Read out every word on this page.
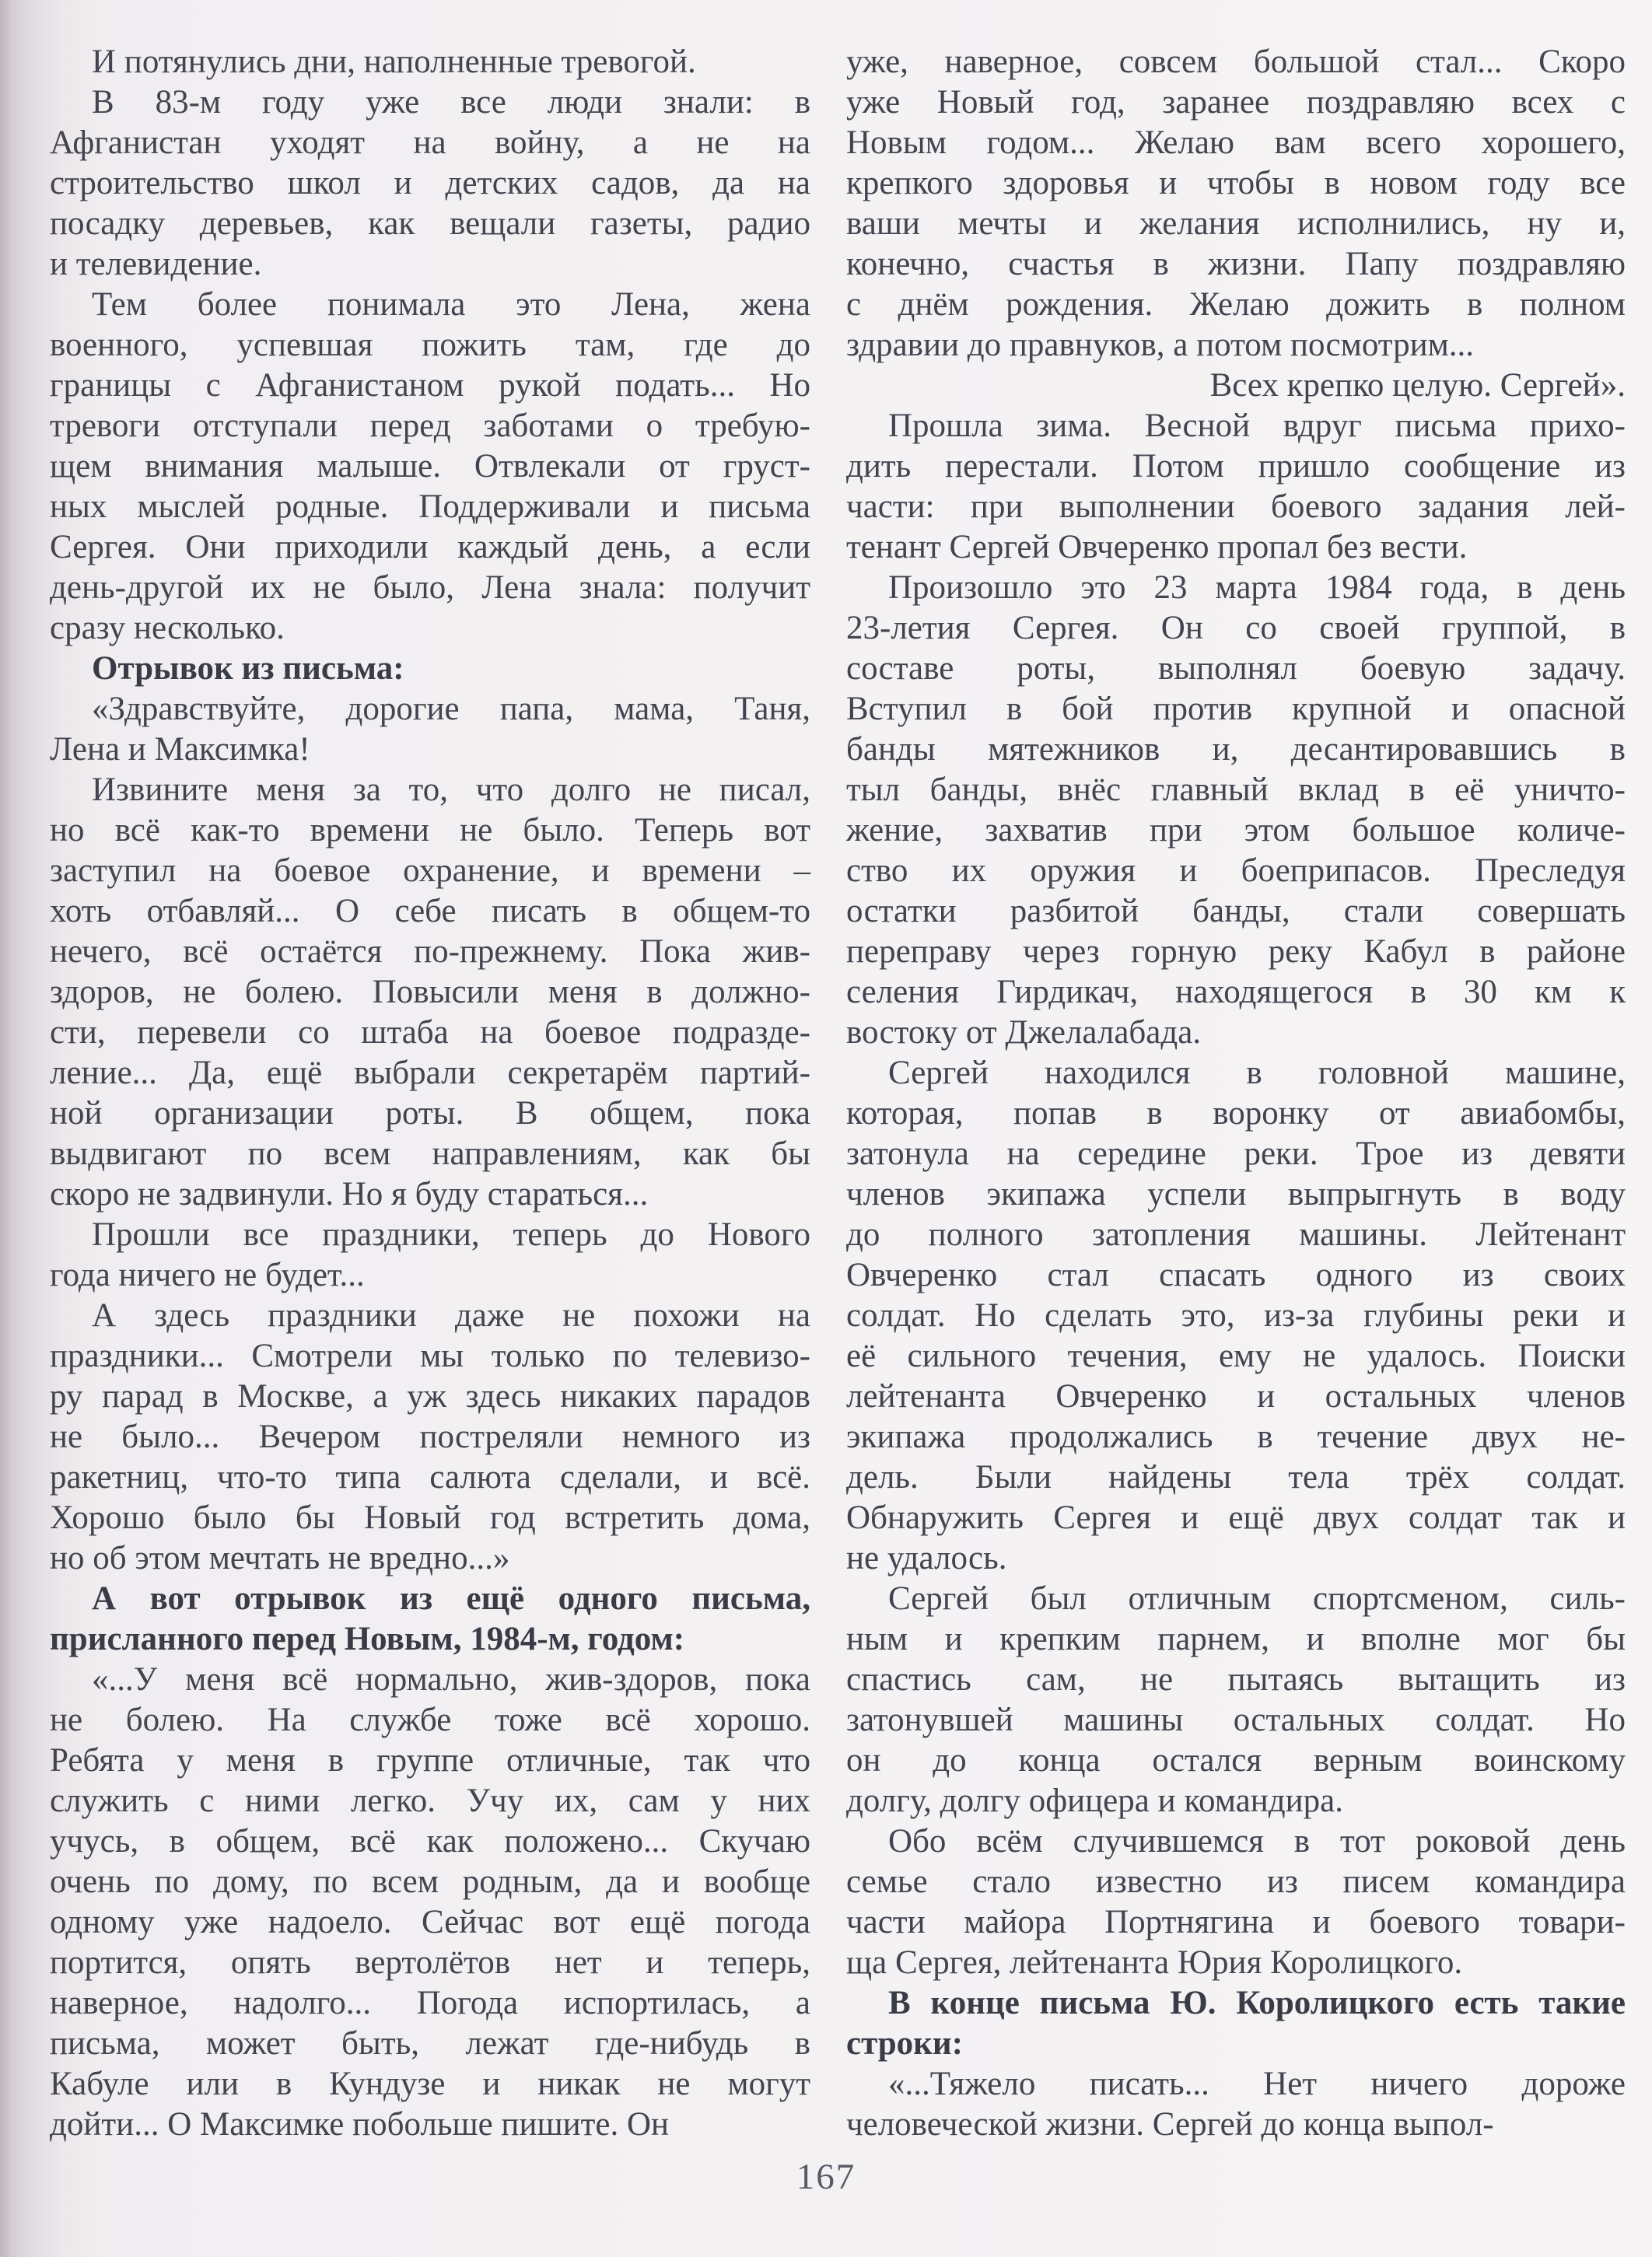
И потянулись дни, наполненные тревогой.
В 83-м году уже все люди знали: в
Афганистан уходят на войну, а не на
строительство школ и детских садов, да на
посадку деревьев, как вещали газеты, радио
и телевидение.
Тем более понимала это Лена, жена
военного, успевшая пожить там, где до
границы с Афганистаном рукой подать... Но
тревоги отступали перед заботами о требую-
щем внимания малыше. Отвлекали от груст-
ных мыслей родные. Поддерживали и письма
Сергея. Они приходили каждый день, а если
день-другой их не было, Лена знала: получит
сразу несколько.
Отрывок из письма:
«Здравствуйте, дорогие папа, мама, Таня,
Лена и Максимка!
Извините меня за то, что долго не писал,
но всё как-то времени не было. Теперь вот
заступил на боевое охранение, и времени –
хоть отбавляй... О себе писать в общем-то
нечего, всё остаётся по-прежнему. Пока жив-
здоров, не болею. Повысили меня в должно-
сти, перевели со штаба на боевое подразде-
ление... Да, ещё выбрали секретарём партий-
ной организации роты. В общем, пока
выдвигают по всем направлениям, как бы
скоро не задвинули. Но я буду стараться...
Прошли все праздники, теперь до Нового
года ничего не будет...
А здесь праздники даже не похожи на
праздники... Смотрели мы только по телевизо-
ру парад в Москве, а уж здесь никаких парадов
не было... Вечером постреляли немного из
ракетниц, что-то типа салюта сделали, и всё.
Хорошо было бы Новый год встретить дома,
но об этом мечтать не вредно...»
А вот отрывок из ещё одного письма,
присланного перед Новым, 1984-м, годом:
«...У меня всё нормально, жив-здоров, пока
не болею. На службе тоже всё хорошо.
Ребята у меня в группе отличные, так что
служить с ними легко. Учу их, сам у них
учусь, в общем, всё как положено... Скучаю
очень по дому, по всем родным, да и вообще
одному уже надоело. Сейчас вот ещё погода
портится, опять вертолётов нет и теперь,
наверное, надолго... Погода испортилась, а
письма, может быть, лежат где-нибудь в
Кабуле или в Кундузе и никак не могут
дойти... О Максимке побольше пишите. Он
уже, наверное, совсем большой стал... Скоро
уже Новый год, заранее поздравляю всех с
Новым годом... Желаю вам всего хорошего,
крепкого здоровья и чтобы в новом году все
ваши мечты и желания исполнились, ну и,
конечно, счастья в жизни. Папу поздравляю
с днём рождения. Желаю дожить в полном
здравии до правнуков, а потом посмотрим...
Всех крепко целую. Сергей».
Прошла зима. Весной вдруг письма прихо-
дить перестали. Потом пришло сообщение из
части: при выполнении боевого задания лей-
тенант Сергей Овчеренко пропал без вести.
Произошло это 23 марта 1984 года, в день
23-летия Сергея. Он со своей группой, в
составе роты, выполнял боевую задачу.
Вступил в бой против крупной и опасной
банды мятежников и, десантировавшись в
тыл банды, внёс главный вклад в её уничто-
жение, захватив при этом большое количе-
ство их оружия и боеприпасов. Преследуя
остатки разбитой банды, стали совершать
переправу через горную реку Кабул в районе
селения Гирдикач, находящегося в 30 км к
востоку от Джелалабада.
Сергей находился в головной машине,
которая, попав в воронку от авиабомбы,
затонула на середине реки. Трое из девяти
членов экипажа успели выпрыгнуть в воду
до полного затопления машины. Лейтенант
Овчеренко стал спасать одного из своих
солдат. Но сделать это, из-за глубины реки и
её сильного течения, ему не удалось. Поиски
лейтенанта Овчеренко и остальных членов
экипажа продолжались в течение двух не-
дель. Были найдены тела трёх солдат.
Обнаружить Сергея и ещё двух солдат так и
не удалось.
Сергей был отличным спортсменом, силь-
ным и крепким парнем, и вполне мог бы
спастись сам, не пытаясь вытащить из
затонувшей машины остальных солдат. Но
он до конца остался верным воинскому
долгу, долгу офицера и командира.
Обо всём случившемся в тот роковой день
семье стало известно из писем командира
части майора Портнягина и боевого товари-
ща Сергея, лейтенанта Юрия Королицкого.
В конце письма Ю. Королицкого есть такие
строки:
«...Тяжело писать... Нет ничего дороже
человеческой жизни. Сергей до конца выпол-
167
